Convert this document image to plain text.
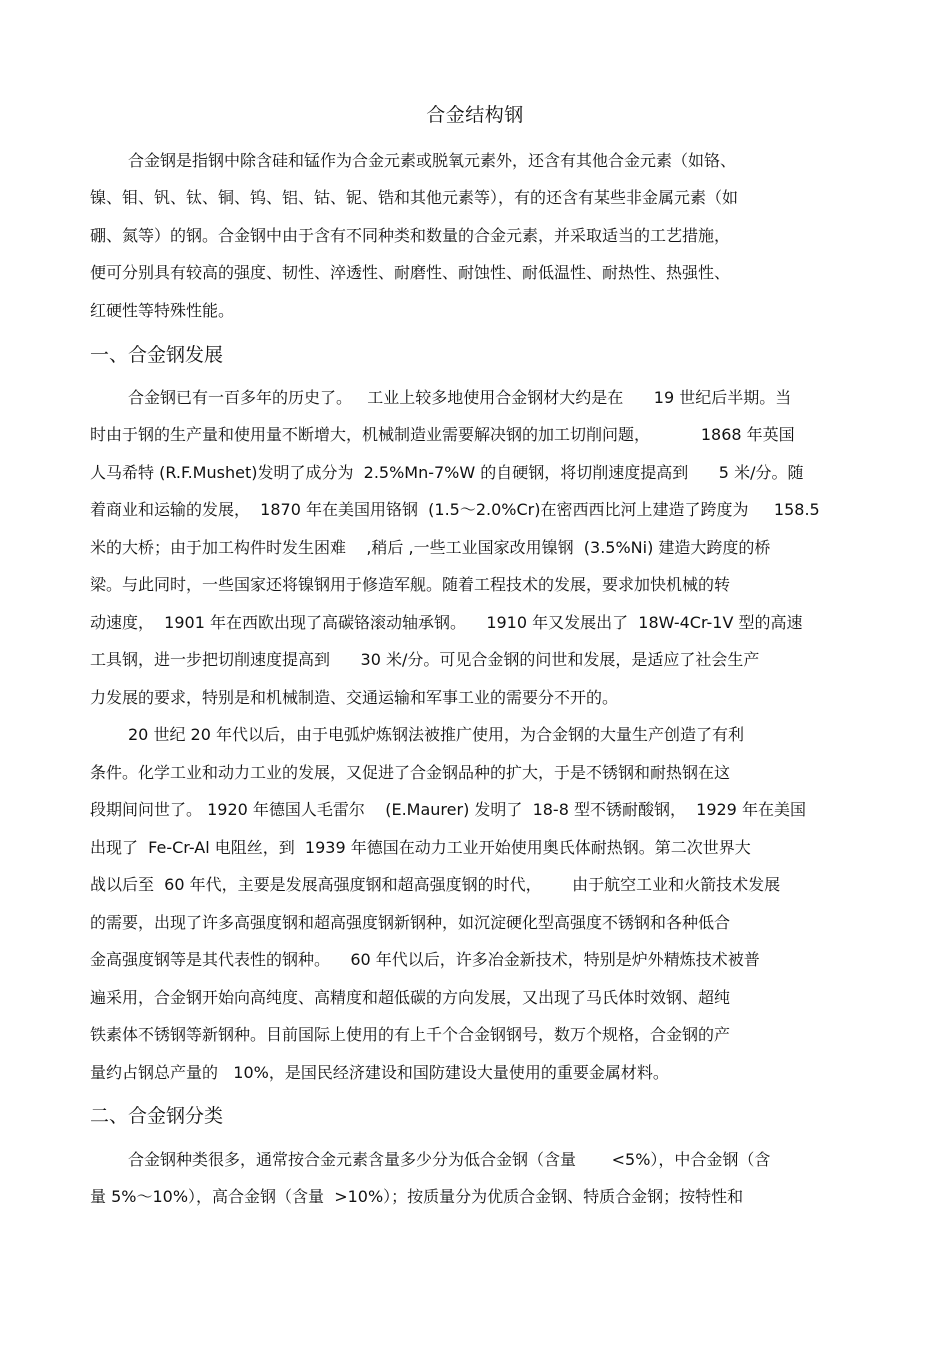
合金结构钢
合金钢是指钢中除含硅和锰作为合金元素或脱氧元素外，还含有其他合金元素（如铬、
镍、钼、钒、钛、铜、钨、铝、钴、铌、锆和其他元素等），有的还含有某些非金属元素（如
硼、氮等）的钢。合金钢中由于含有不同种类和数量的合金元素，并采取适当的工艺措施，
便可分别具有较高的强度、韧性、淬透性、耐磨性、耐蚀性、耐低温性、耐热性、热强性、
红硬性等特殊性能。
一、合金钢发展
合金钢已有一百多年的历史了。   工业上较多地使用合金钢材大约是在      19 世纪后半期。当
时由于钢的生产量和使用量不断增大，机械制造业需要解决钢的加工切削问题，          1868 年英国
人马希特 (R.F.Mushet)发明了成分为  2.5%Mn-7%W 的自硬钢，将切削速度提高到      5 米/分。随
着商业和运输的发展，  1870 年在美国用铬钢  (1.5～2.0%Cr)在密西西比河上建造了跨度为     158.5
米的大桥；由于加工构件时发生困难    ,稍后 ,一些工业国家改用镍钢  (3.5%Ni) 建造大跨度的桥
梁。与此同时，一些国家还将镍钢用于修造军舰。随着工程技术的发展，要求加快机械的转
动速度，  1901 年在西欧出现了高碳铬滚动轴承钢。    1910 年又发展出了  18W-4Cr-1V 型的高速
工具钢，进一步把切削速度提高到      30 米/分。可见合金钢的问世和发展，是适应了社会生产
力发展的要求，特别是和机械制造、交通运输和军事工业的需要分不开的。
20 世纪 20 年代以后，由于电弧炉炼钢法被推广使用，为合金钢的大量生产创造了有利
条件。化学工业和动力工业的发展，又促进了合金钢品种的扩大，于是不锈钢和耐热钢在这
段期间问世了。 1920 年德国人毛雷尔    (E.Maurer) 发明了  18-8 型不锈耐酸钢，  1929 年在美国
出现了  Fe-Cr-Al 电阻丝，到  1939 年德国在动力工业开始使用奥氏体耐热钢。第二次世界大
战以后至  60 年代，主要是发展高强度钢和超高强度钢的时代，      由于航空工业和火箭技术发展
的需要，出现了许多高强度钢和超高强度钢新钢种，如沉淀硬化型高强度不锈钢和各种低合
金高强度钢等是其代表性的钢种。    60 年代以后，许多冶金新技术，特别是炉外精炼技术被普
遍采用，合金钢开始向高纯度、高精度和超低碳的方向发展，又出现了马氏体时效钢、超纯
铁素体不锈钢等新钢种。目前国际上使用的有上千个合金钢钢号，数万个规格，合金钢的产
量约占钢总产量的   10%，是国民经济建设和国防建设大量使用的重要金属材料。
二、合金钢分类
合金钢种类很多，通常按合金元素含量多少分为低合金钢（含量       <5%），中合金钢（含
量 5%～10%），高合金钢（含量  >10%）；按质量分为优质合金钢、特质合金钢；按特性和
